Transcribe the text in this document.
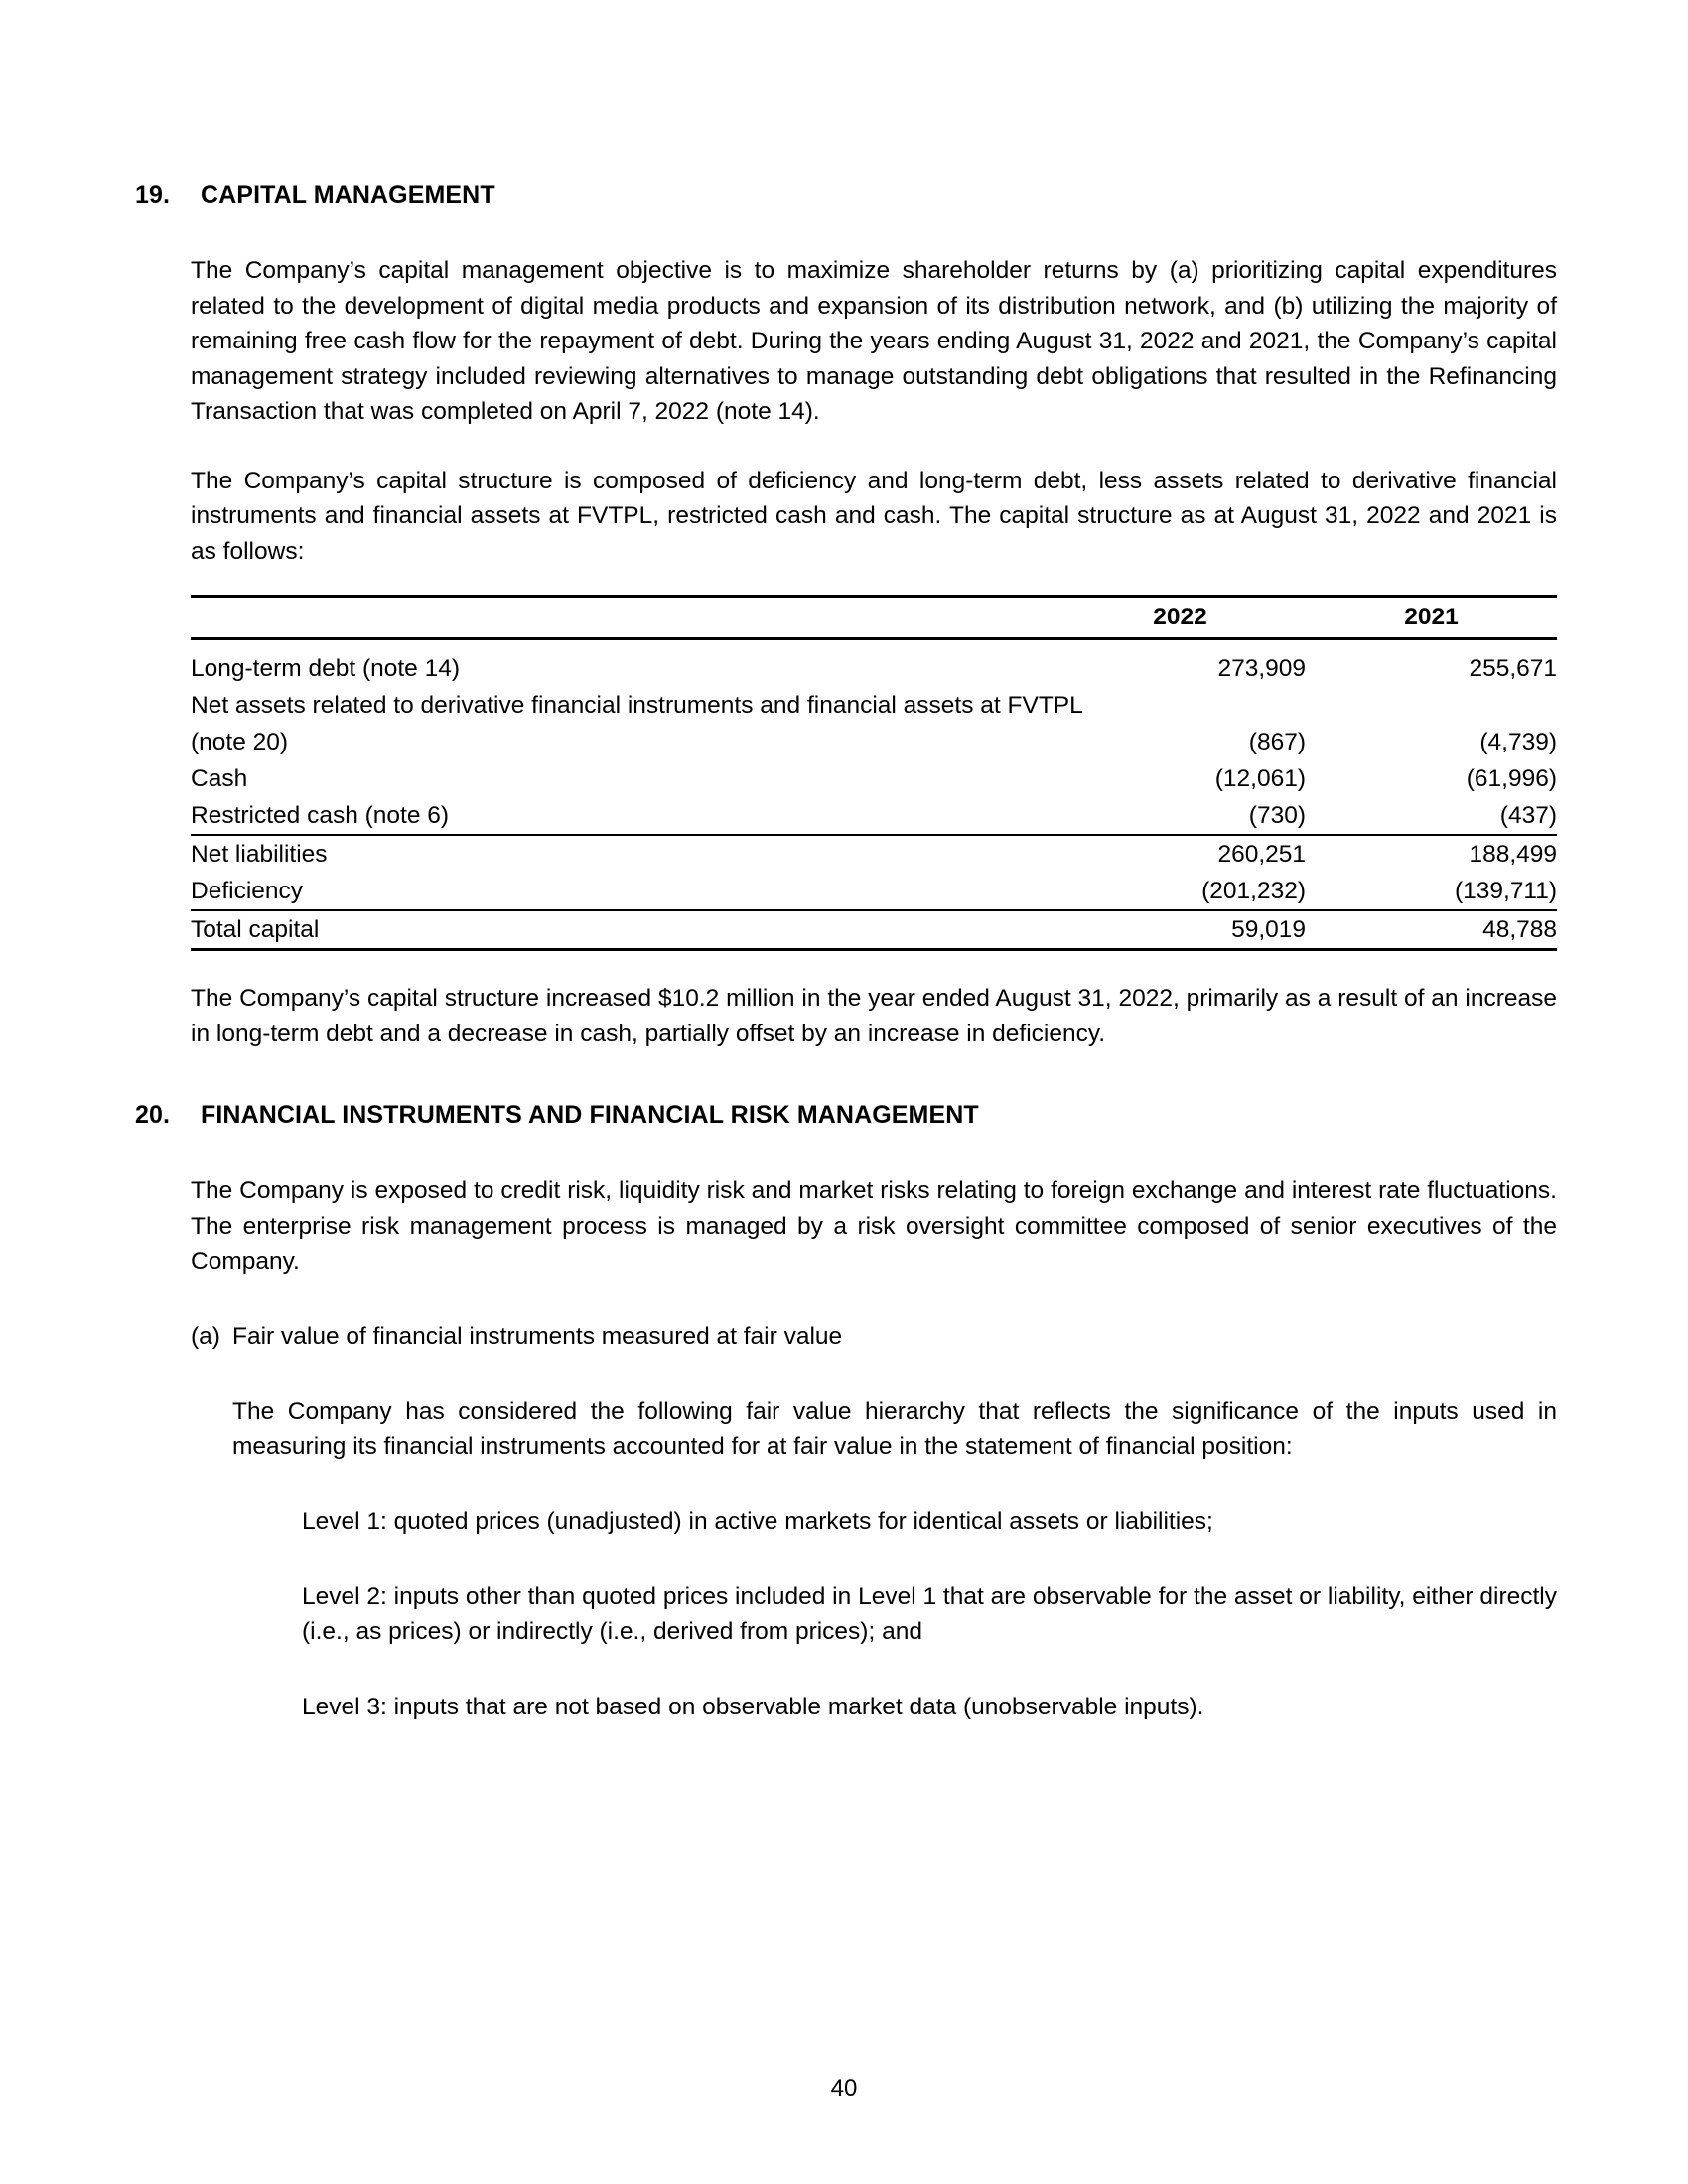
19.	CAPITAL MANAGEMENT

The Company’s capital management objective is to maximize shareholder returns by (a) prioritizing capital expenditures related to the development of digital media products and expansion of its distribution network, and (b) utilizing the majority of remaining free cash flow for the repayment of debt. During the years ending August 31, 2022 and 2021, the Company’s capital management strategy included reviewing alternatives to manage outstanding debt obligations that resulted in the Refinancing Transaction that was completed on April 7, 2022 (note 14).

The Company’s capital structure is composed of deficiency and long-term debt, less assets related to derivative financial instruments and financial assets at FVTPL, restricted cash and cash. The capital structure as at August 31, 2022 and 2021 is as follows:

	2022	2021

Long-term debt (note 14)	273,909	255,671
Net assets related to derivative financial instruments and financial assets at FVTPL		
(note 20)	(867)	(4,739)
Cash	(12,061)	(61,996)
Restricted cash (note 6)	(730)	(437)

Net liabilities	260,251	188,499
Deficiency	(201,232)	(139,711)

Total capital	59,019	48,788

The Company’s capital structure increased $10.2 million in the year ended August 31, 2022, primarily as a result of an increase in long-term debt and a decrease in cash, partially offset by an increase in deficiency.

20.	FINANCIAL INSTRUMENTS AND FINANCIAL RISK MANAGEMENT

The Company is exposed to credit risk, liquidity risk and market risks relating to foreign exchange and interest rate fluctuations. The enterprise risk management process is managed by a risk oversight committee composed of senior executives of the Company.

(a) Fair value of financial instruments measured at fair value

The Company has considered the following fair value hierarchy that reflects the significance of the inputs used in measuring its financial instruments accounted for at fair value in the statement of financial position:

Level 1: quoted prices (unadjusted) in active markets for identical assets or liabilities;

Level 2: inputs other than quoted prices included in Level 1 that are observable for the asset or liability, either directly (i.e., as prices) or indirectly (i.e., derived from prices); and

Level 3: inputs that are not based on observable market data (unobservable inputs).

40
